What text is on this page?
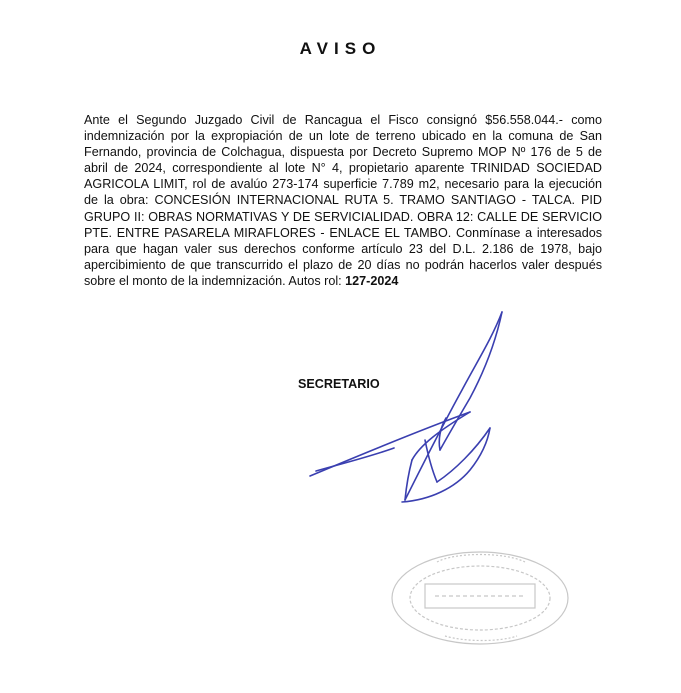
AVISO
Ante el Segundo Juzgado Civil de Rancagua el Fisco consignó $56.558.044.- como indemnización por la expropiación de un lote de terreno ubicado en la comuna de San Fernando, provincia de Colchagua, dispuesta por Decreto Supremo MOP Nº 176 de 5 de abril de 2024, correspondiente al lote N° 4, propietario aparente TRINIDAD SOCIEDAD AGRICOLA LIMIT, rol de avalúo 273-174 superficie 7.789 m2, necesario para la ejecución de la obra: CONCESIÓN INTERNACIONAL RUTA 5. TRAMO SANTIAGO - TALCA. PID GRUPO II: OBRAS NORMATIVAS Y DE SERVICIALIDAD. OBRA 12: CALLE DE SERVICIO PTE. ENTRE PASARELA MIRAFLORES - ENLACE EL TAMBO. Conmínase a interesados para que hagan valer sus derechos conforme artículo 23 del D.L. 2.186 de 1978, bajo apercibimiento de que transcurrido el plazo de 20 días no podrán hacerlos valer después sobre el monto de la indemnización. Autos rol: 127-2024
SECRETARIO
